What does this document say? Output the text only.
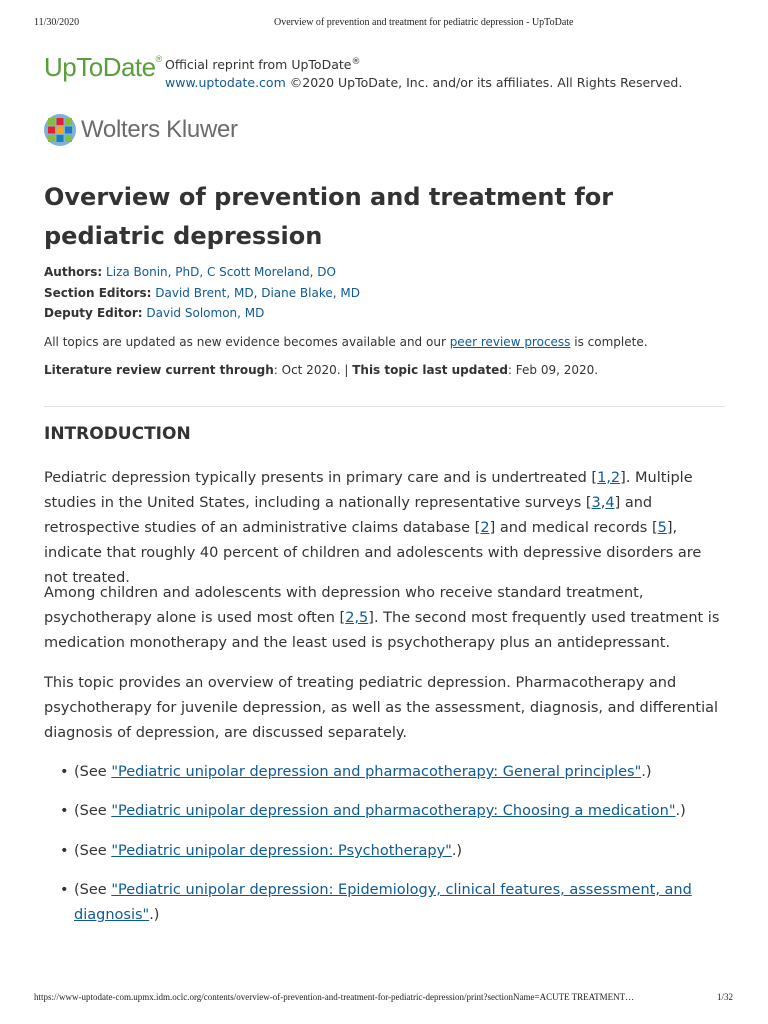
11/30/2020	Overview of prevention and treatment for pediatric depression - UpToDate
UpToDate® Official reprint from UpToDate®
www.uptodate.com ©2020 UpToDate, Inc. and/or its affiliates. All Rights Reserved.
Wolters Kluwer
Overview of prevention and treatment for pediatric depression
Authors: Liza Bonin, PhD, C Scott Moreland, DO
Section Editors: David Brent, MD, Diane Blake, MD
Deputy Editor: David Solomon, MD
All topics are updated as new evidence becomes available and our peer review process is complete.
Literature review current through: Oct 2020. | This topic last updated: Feb 09, 2020.
INTRODUCTION

Pediatric depression typically presents in primary care and is undertreated [1,2]. Multiple studies in the United States, including a nationally representative surveys [3,4] and retrospective studies of an administrative claims database [2] and medical records [5], indicate that roughly 40 percent of children and adolescents with depressive disorders are not treated.

Among children and adolescents with depression who receive standard treatment, psychotherapy alone is used most often [2,5]. The second most frequently used treatment is medication monotherapy and the least used is psychotherapy plus an antidepressant.

This topic provides an overview of treating pediatric depression. Pharmacotherapy and psychotherapy for juvenile depression, as well as the assessment, diagnosis, and differential diagnosis of depression, are discussed separately.

• (See "Pediatric unipolar depression and pharmacotherapy: General principles".)
• (See "Pediatric unipolar depression and pharmacotherapy: Choosing a medication".)
• (See "Pediatric unipolar depression: Psychotherapy".)
• (See "Pediatric unipolar depression: Epidemiology, clinical features, assessment, and diagnosis".)
https://www-uptodate-com.upmx.idm.oclc.org/contents/overview-of-prevention-and-treatment-for-pediatric-depression/print?sectionName=ACUTE TREATMENT…	1/32
